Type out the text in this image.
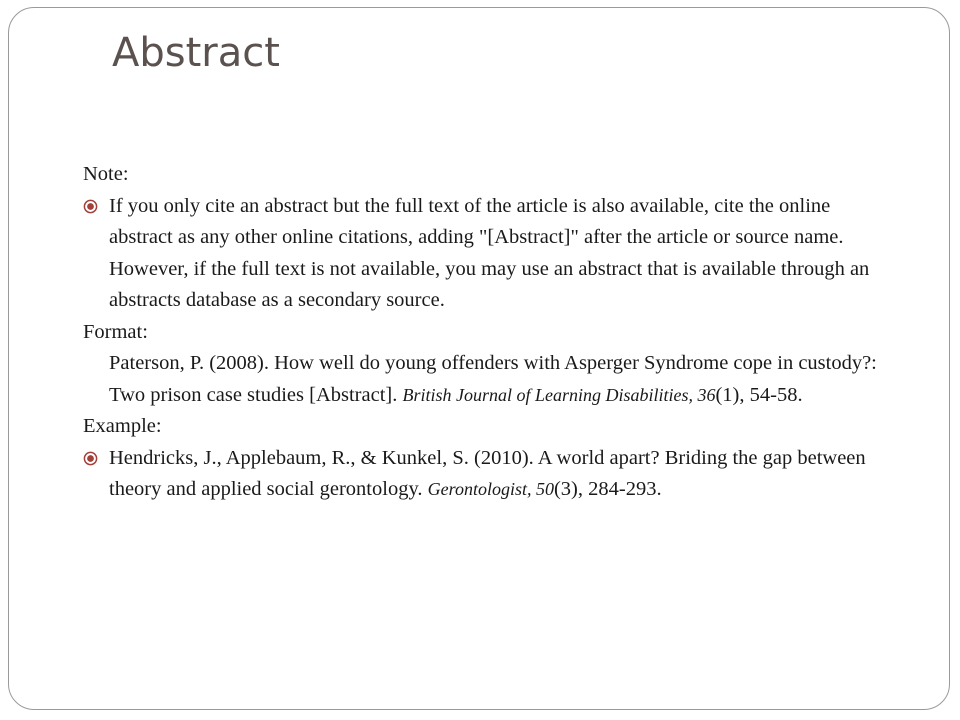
Abstract

Note:

If you only cite an abstract but the full text of the article is also available, cite the online abstract as any other online citations, adding "[Abstract]" after the article or source name. However, if the full text is not available, you may use an abstract that is available through an abstracts database as a secondary source.

Format:

Paterson, P. (2008). How well do young offenders with Asperger Syndrome cope in custody?: Two prison case studies [Abstract]. British Journal of Learning Disabilities, 36(1), 54-58.

Example:

Hendricks, J., Applebaum, R., & Kunkel, S. (2010). A world apart? Briding the gap between theory and applied social gerontology. Gerontologist, 50(3), 284-293.
